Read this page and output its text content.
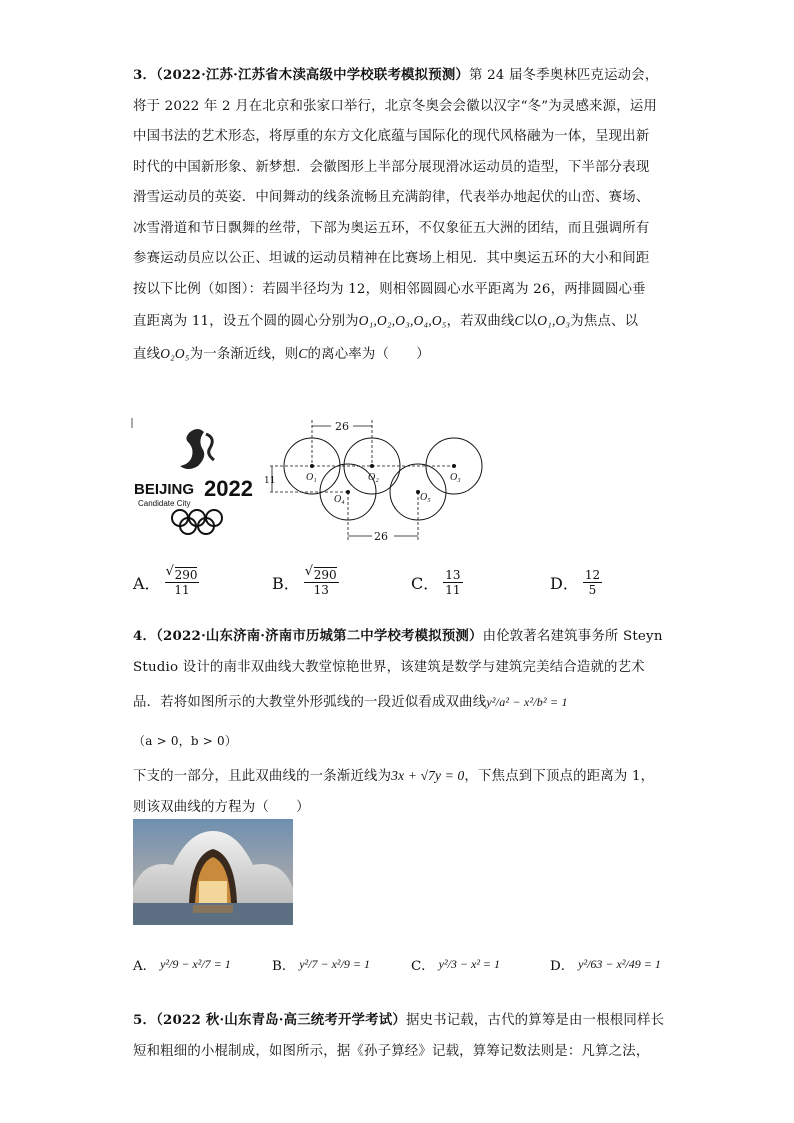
3．（2022·江苏·江苏省木渎高级中学校联考模拟预测）第 24 届冬季奥林匹克运动会，

将于 2022 年 2 月在北京和张家口举行，北京冬奥会会徽以汉字“冬”为灵感来源，运用

中国书法的艺术形态，将厚重的东方文化底蕴与国际化的现代风格融为一体，呈现出新

时代的中国新形象、新梦想．会徽图形上半部分展现滑冰运动员的造型，下半部分表现

滑雪运动员的英姿．中间舞动的线条流畅且充满韵律，代表举办地起伏的山峦、赛场、

冰雪滑道和节日飘舞的丝带，下部为奥运五环，不仅象征五大洲的团结，而且强调所有

参赛运动员应以公正、坦诚的运动员精神在比赛场上相见．其中奥运五环的大小和间距

按以下比例（如图）：若圆半径均为 12，则相邻圆圆心水平距离为 26，两排圆圆心垂

直距离为 11，设五个圆的圆心分别为O₁,O₂,O₃,O₄,O₅，若双曲线C以O₁,O₃为焦点、以

直线O₂O₅为一条渐近线，则C的离心率为（　　）

BEIJING 2022
Candidate City
26
26
11	O₁	O₂	O₃
O₄	O₅
A． √ $\frac{290}{11}$	B． √ $\frac{290}{13}$	C． $\frac{13}{11}$	D． $\frac{12}{5}$

4．（2022·山东济南·济南市历城第二中学校考模拟预测）由伦敦著名建筑事务所 Steyn

Studio 设计的南非双曲线大教堂惊艳世界，该建筑是数学与建筑完美结合造就的艺术

品．若将如图所示的大教堂外形弧线的一段近似看成双曲线y²/a² − x²/b² = 1（a > 0，b > 0）

下支的一部分，且此双曲线的一条渐近线为3x + √7y = 0，下焦点到下顶点的距离为 1，

则该双曲线的方程为（　　）

A． y²/9 − x²/7 = 1	B． y²/7 − x²/9 = 1	C． y²/3 − x² = 1	D． y²/63 − x²/49 = 1

5．（2022 秋·山东青岛·高三统考开学考试）据史书记载，古代的算筹是由一根根同样长

短和粗细的小棍制成，如图所示，据《孙子算经》记载，算筹记数法则是：凡算之法，
